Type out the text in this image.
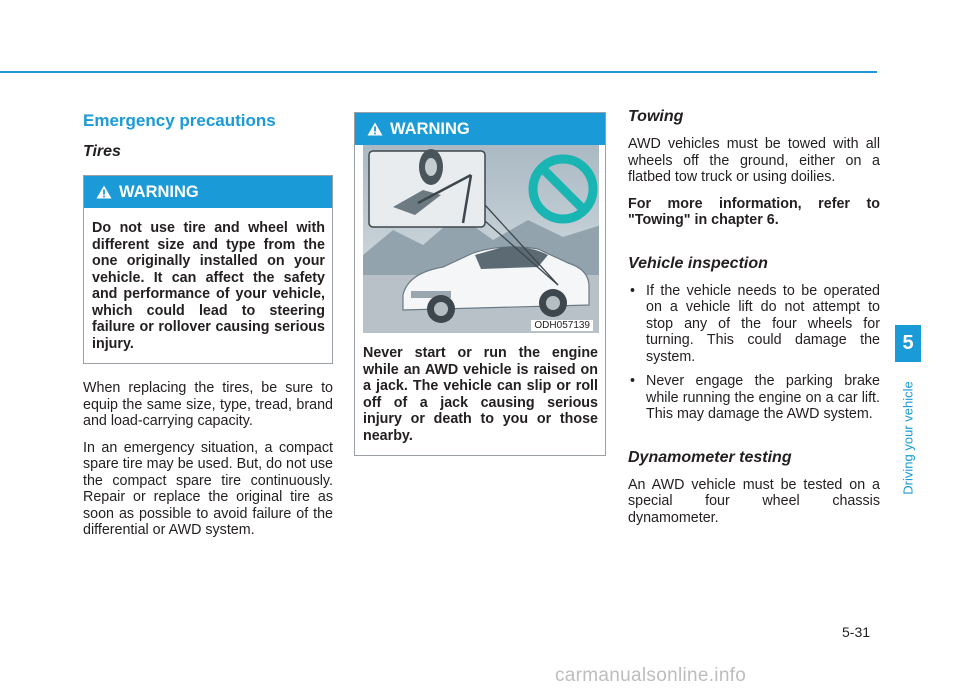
Emergency precautions
Tires
WARNING
Do not use tire and wheel with different size and type from the one originally installed on your vehicle. It can affect the safety and performance of your vehicle, which could lead to steering failure or rollover causing serious injury.

When replacing the tires, be sure to equip the same size, type, tread, brand and load-carrying capacity.

In an emergency situation, a compact spare tire may be used. But, do not use the compact spare tire continuously. Repair or replace the original tire as soon as possible to avoid failure of the differential or AWD system.

WARNING
ODH057139
Never start or run the engine while an AWD vehicle is raised on a jack. The vehicle can slip or roll off of a jack causing serious injury or death to you or those nearby.
Towing

AWD vehicles must be towed with all wheels off the ground, either on a flatbed tow truck or using doilies.

For more information, refer to "Towing" in chapter 6.

Vehicle inspection
• If the vehicle needs to be operated on a vehicle lift do not attempt to stop any of the four wheels for turning. This could damage the system.
• Never engage the parking brake while running the engine on a car lift. This may damage the AWD system.
Dynamometer testing

An AWD vehicle must be tested on a special four wheel chassis dynamometer.

5
Driving your vehicle
5-31
carmanualsonline.info
